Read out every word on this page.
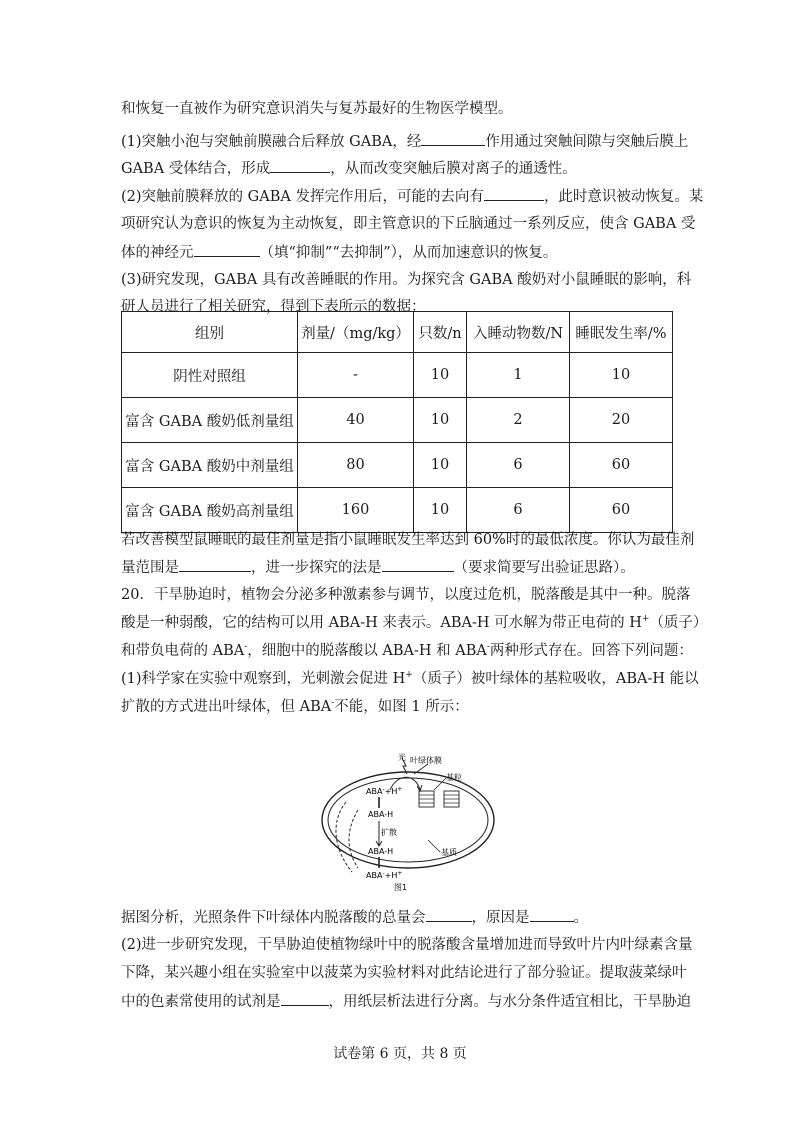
和恢复一直被作为研究意识消失与复苏最好的生物医学模型。
(1)突触小泡与突触前膜融合后释放 GABA，经	作用通过突触间隙与突触后膜上
GABA 受体结合，形成	，从而改变突触后膜对离子的通透性。
(2)突触前膜释放的 GABA 发挥完作用后，可能的去向有	，此时意识被动恢复。某
项研究认为意识的恢复为主动恢复，即主管意识的下丘脑通过一系列反应，使含 GABA 受
体的神经元	（填“抑制”“去抑制”），从而加速意识的恢复。
(3)研究发现，GABA 具有改善睡眠的作用。为探究含 GABA 酸奶对小鼠睡眠的影响，科
研人员进行了相关研究，得到下表所示的数据：
组别	剂量/（mg/kg）	只数/n	入睡动物数/N	睡眠发生率/%
阴性对照组	-	10	1	10
富含 GABA 酸奶低剂量组	40	10	2	20
富含 GABA 酸奶中剂量组	80	10	6	60
富含 GABA 酸奶高剂量组	160	10	6	60
若改善模型鼠睡眠的最佳剂量是指小鼠睡眠发生率达到 60%时的最低浓度。你认为最佳剂
量范围是	，进一步探究的法是	（要求简要写出验证思路）。
20．干旱胁迫时，植物会分泌多种激素参与调节，以度过危机，脱落酸是其中一种。脱落
酸是一种弱酸，它的结构可以用 ABA-H 来表示。ABA-H 可水解为带正电荷的 H+（质子）
和带负电荷的 ABA-，细胞中的脱落酸以 ABA-H 和 ABA-两种形式存在。回答下列问题：
(1)科学家在实验中观察到，光刺激会促进 H+（质子）被叶绿体的基粒吸收，ABA-H 能以
扩散的方式进出叶绿体，但 ABA-不能，如图 1 所示：
光 叶绿体膜
基粒
ABA-+H+
ABA-H
扩散
ABA-H
ABA-+H+
基质
图1
据图分析，光照条件下叶绿体内脱落酸的总量会	，原因是	。
(2)进一步研究发现，干旱胁迫使植物绿叶中的脱落酸含量增加进而导致叶片内叶绿素含量
下降，某兴趣小组在实验室中以菠菜为实验材料对此结论进行了部分验证。提取菠菜绿叶
中的色素常使用的试剂是	，用纸层析法进行分离。与水分条件适宜相比，干旱胁迫
试卷第 6 页，共 8 页
